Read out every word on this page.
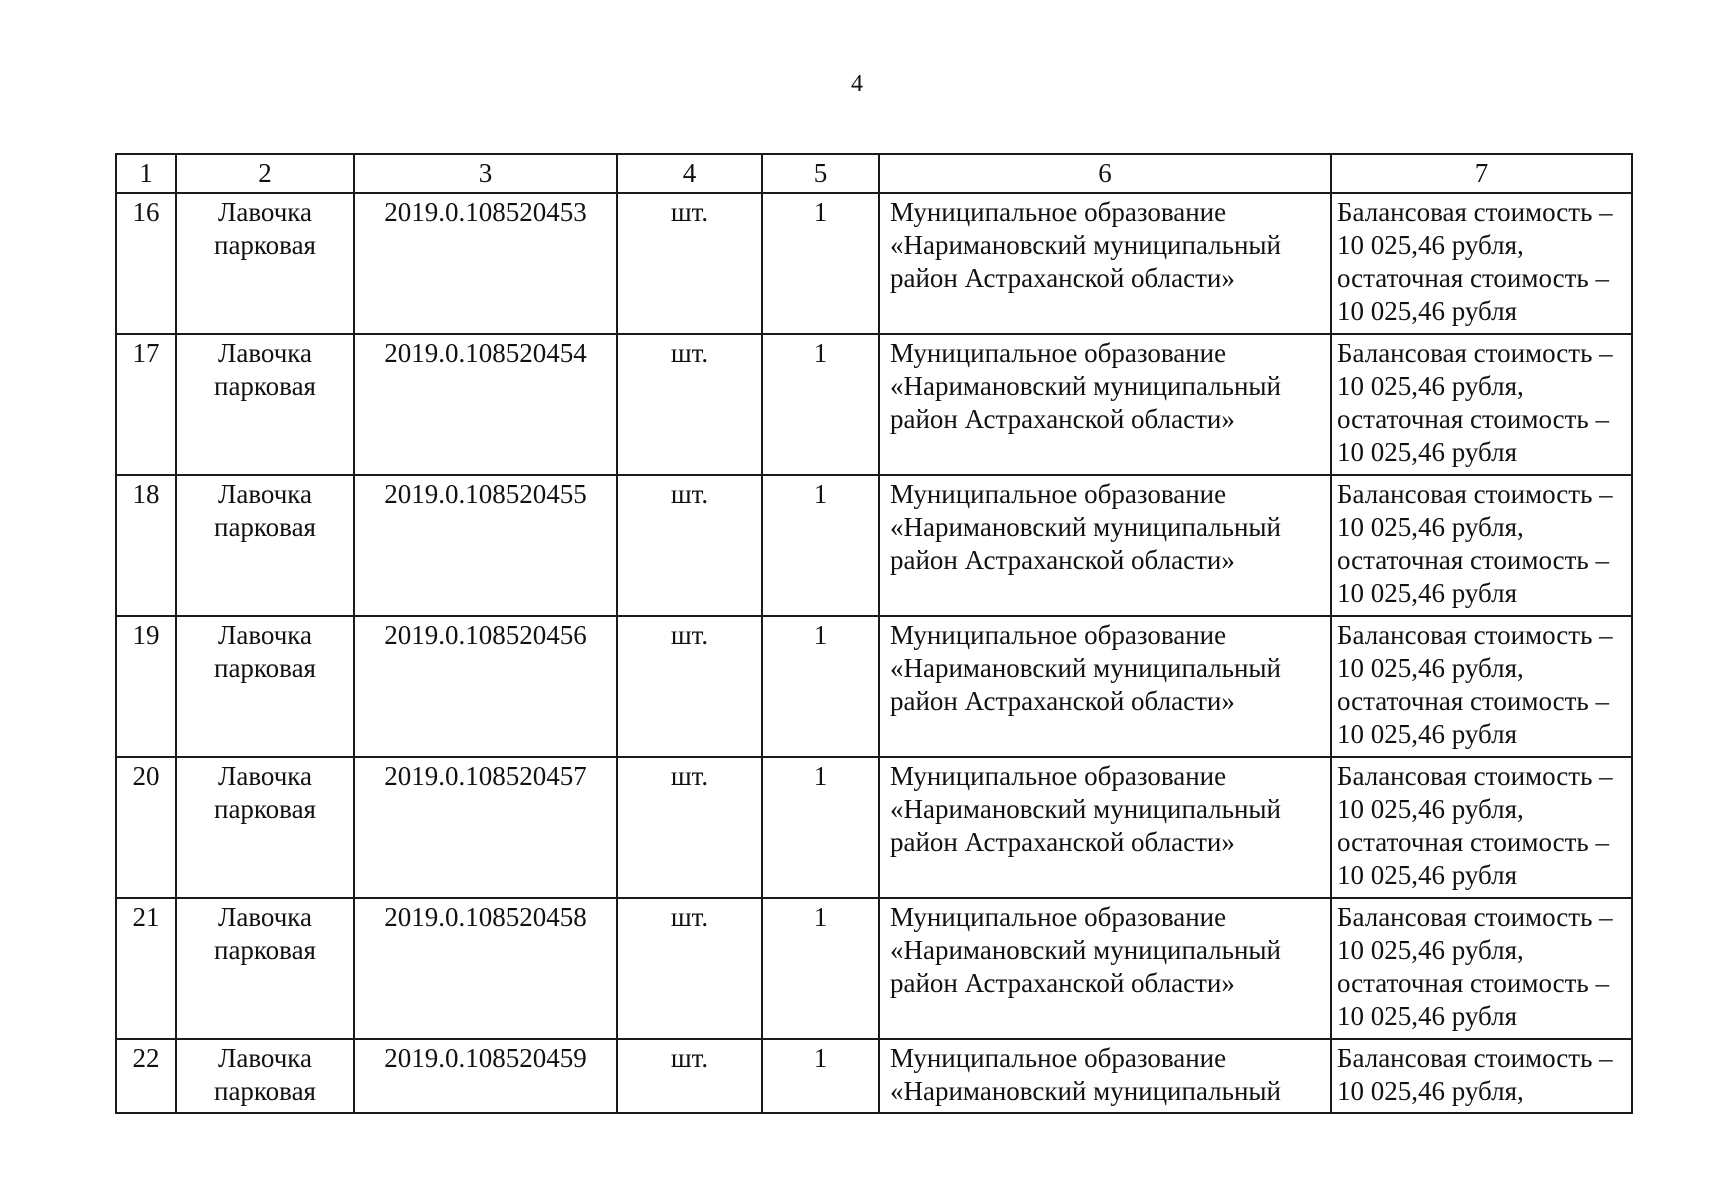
4
1	2	3	4	5	6	7
16	Лавочка
парковая	2019.0.108520453	шт.	1	Муниципальное образование
«Наримановский муниципальный
район Астраханской области»	Балансовая стоимость –
10 025,46 рубля,
остаточная стоимость –
10 025,46 рубля

17	Лавочка
парковая	2019.0.108520454	шт.	1	Муниципальное образование
«Наримановский муниципальный
район Астраханской области»	Балансовая стоимость –
10 025,46 рубля,
остаточная стоимость –
10 025,46 рубля

18	Лавочка
парковая	2019.0.108520455	шт.	1	Муниципальное образование
«Наримановский муниципальный
район Астраханской области»	Балансовая стоимость –
10 025,46 рубля,
остаточная стоимость –
10 025,46 рубля

19	Лавочка
парковая	2019.0.108520456	шт.	1	Муниципальное образование
«Наримановский муниципальный
район Астраханской области»	Балансовая стоимость –
10 025,46 рубля,
остаточная стоимость –
10 025,46 рубля

20	Лавочка
парковая	2019.0.108520457	шт.	1	Муниципальное образование
«Наримановский муниципальный
район Астраханской области»	Балансовая стоимость –
10 025,46 рубля,
остаточная стоимость –
10 025,46 рубля

21	Лавочка
парковая	2019.0.108520458	шт.	1	Муниципальное образование
«Наримановский муниципальный
район Астраханской области»	Балансовая стоимость –
10 025,46 рубля,
остаточная стоимость –
10 025,46 рубля

22	Лавочка
парковая	2019.0.108520459	шт.	1	Муниципальное образование
«Наримановский муниципальный	Балансовая стоимость –
10 025,46 рубля,
